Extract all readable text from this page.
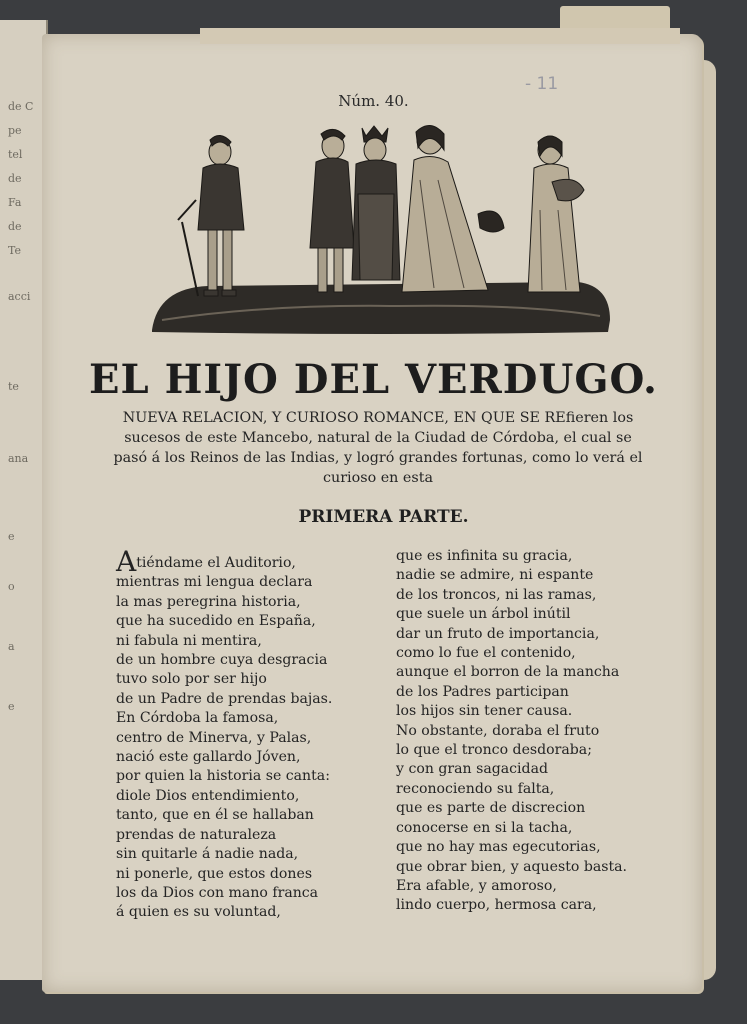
de C
pe
tel
de
Fa
de
Te
acci
te
ana
e
o
a
e
Núm. 40.
- 11
EL HIJO DEL VERDUGO.
NUEVA RELACION, Y CURIOSO ROMANCE, EN QUE SE REfieren los sucesos de este Mancebo, natural de la Ciudad de Córdoba, el cual se pasó á los Reinos de las Indias, y logró grandes fortunas, como lo verá el curioso en esta
PRIMERA PARTE.
Atiéndame el Auditorio,
mientras mi lengua declara
la mas peregrina historia,
que ha sucedido en España,
ni fabula ni mentira,
de un hombre cuya desgracia
tuvo solo por ser hijo
de un Padre de prendas bajas.
En Córdoba la famosa,
centro de Minerva, y Palas,
nació este gallardo Jóven,
por quien la historia se canta:
diole Dios entendimiento,
tanto, que en él se hallaban
prendas de naturaleza
sin quitarle á nadie nada,
ni ponerle, que estos dones
los da Dios con mano franca
á quien es su voluntad,
que es infinita su gracia,
nadie se admire, ni espante
de los troncos, ni las ramas,
que suele un árbol inútil
dar un fruto de importancia,
como lo fue el contenido,
aunque el borron de la mancha
de los Padres participan
los hijos sin tener causa.
No obstante, doraba el fruto
lo que el tronco desdoraba;
y con gran sagacidad
reconociendo su falta,
que es parte de discrecion
conocerse en si la tacha,
que no hay mas egecutorias,
que obrar bien, y aquesto basta.
Era afable, y amoroso,
lindo cuerpo, hermosa cara,
